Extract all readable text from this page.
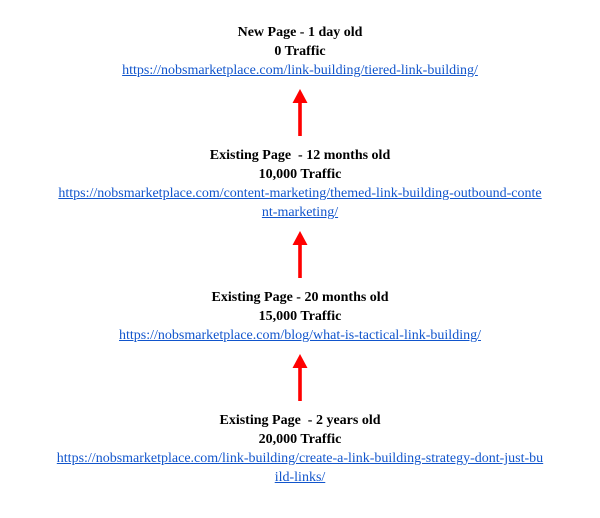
New Page - 1 day old
0 Traffic
https://nobsmarketplace.com/link-building/tiered-link-building/
Existing Page  - 12 months old
10,000 Traffic
https://nobsmarketplace.com/content-marketing/themed-link-building-outbound-content-marketing/
Existing Page - 20 months old
15,000 Traffic
https://nobsmarketplace.com/blog/what-is-tactical-link-building/
Existing Page  - 2 years old
20,000 Traffic
https://nobsmarketplace.com/link-building/create-a-link-building-strategy-dont-just-build-links/
